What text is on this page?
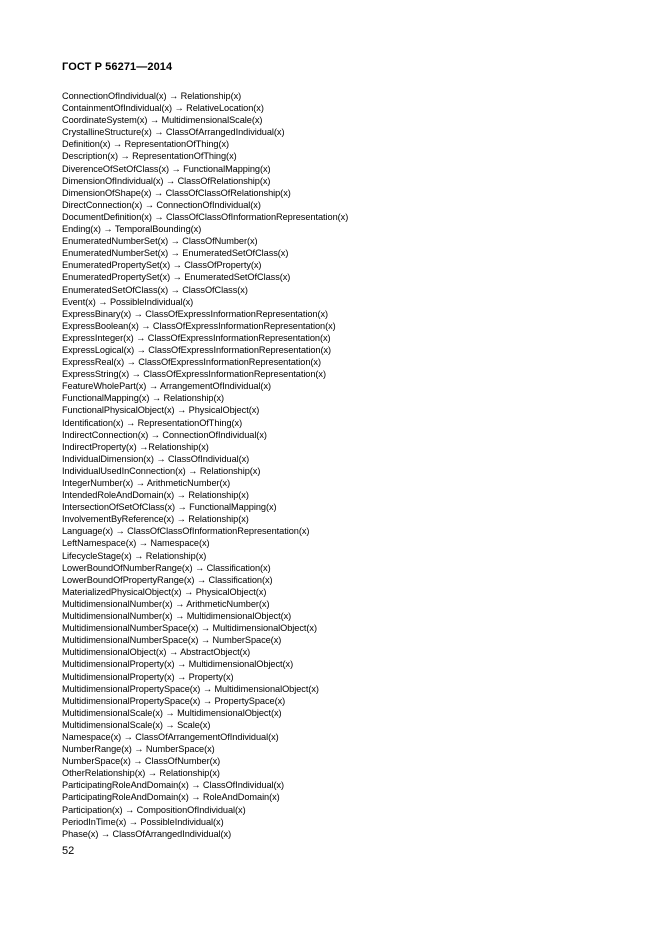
ГОСТ Р 56271—2014
ConnectionOfIndividual(x) → Relationship(x)
ContainmentOfIndividual(x) → RelativeLocation(x)
CoordinateSystem(x) → MultidimensionalScale(x)
CrystallineStructure(x) → ClassOfArrangedIndividual(x)
Definition(x) → RepresentationOfThing(x)
Description(x) → RepresentationOfThing(x)
DiverenceOfSetOfClass(x) → FunctionalMapping(x)
DimensionOfIndividual(x) → ClassOfRelationship(x)
DimensionOfShape(x) → ClassOfClassOfRelationship(x)
DirectConnection(x) → ConnectionOfIndividual(x)
DocumentDefinition(x) → ClassOfClassOfInformationRepresentation(x)
Ending(x) → TemporalBounding(x)
EnumeratedNumberSet(x) → ClassOfNumber(x)
EnumeratedNumberSet(x) → EnumeratedSetOfClass(x)
EnumeratedPropertySet(x) → ClassOfProperty(x)
EnumeratedPropertySet(x) → EnumeratedSetOfClass(x)
EnumeratedSetOfClass(x) → ClassOfClass(x)
Event(x) → PossibleIndividual(x)
ExpressBinary(x) → ClassOfExpressInformationRepresentation(x)
ExpressBoolean(x) → ClassOfExpressInformationRepresentation(x)
ExpressInteger(x) → ClassOfExpressInformationRepresentation(x)
ExpressLogical(x) → ClassOfExpressInformationRepresentation(x)
ExpressReal(x) → ClassOfExpressInformationRepresentation(x)
ExpressString(x) → ClassOfExpressInformationRepresentation(x)
FeatureWholePart(x) → ArrangementOfIndividual(x)
FunctionalMapping(x) → Relationship(x)
FunctionalPhysicalObject(x) → PhysicalObject(x)
Identification(x) → RepresentationOfThing(x)
IndirectConnection(x) → ConnectionOfIndividual(x)
IndirectProperty(x) →Relationship(x)
IndividualDimension(x) → ClassOfIndividual(x)
IndividualUsedInConnection(x) → Relationship(x)
IntegerNumber(x) → ArithmeticNumber(x)
IntendedRoleAndDomain(x) → Relationship(x)
IntersectionOfSetOfClass(x) → FunctionalMapping(x)
InvolvementByReference(x) → Relationship(x)
Language(x) → ClassOfClassOfInformationRepresentation(x)
LeftNamespace(x) → Namespace(x)
LifecycleStage(x) → Relationship(x)
LowerBoundOfNumberRange(x) → Classification(x)
LowerBoundOfPropertyRange(x) → Classification(x)
MaterializedPhysicalObject(x) → PhysicalObject(x)
MultidimensionalNumber(x) → ArithmeticNumber(x)
MultidimensionalNumber(x) → MultidimensionalObject(x)
MultidimensionalNumberSpace(x) → MultidimensionalObject(x)
MultidimensionalNumberSpace(x) → NumberSpace(x)
MultidimensionalObject(x) → AbstractObject(x)
MultidimensionalProperty(x) → MultidimensionalObject(x)
MultidimensionalProperty(x) → Property(x)
MultidimensionalPropertySpace(x) → MultidimensionalObject(x)
MultidimensionalPropertySpace(x) → PropertySpace(x)
MultidimensionalScale(x) → MultidimensionalObject(x)
MultidimensionalScale(x) → Scale(x)
Namespace(x) → ClassOfArrangementOfIndividual(x)
NumberRange(x) → NumberSpace(x)
NumberSpace(x) → ClassOfNumber(x)
OtherRelationship(x) → Relationship(x)
ParticipatingRoleAndDomain(x) → ClassOfIndividual(x)
ParticipatingRoleAndDomain(x) → RoleAndDomain(x)
Participation(x) → CompositionOfIndividual(x)
PeriodInTime(x) → PossibleIndividual(x)
Phase(x) → ClassOfArrangedIndividual(x)
52
